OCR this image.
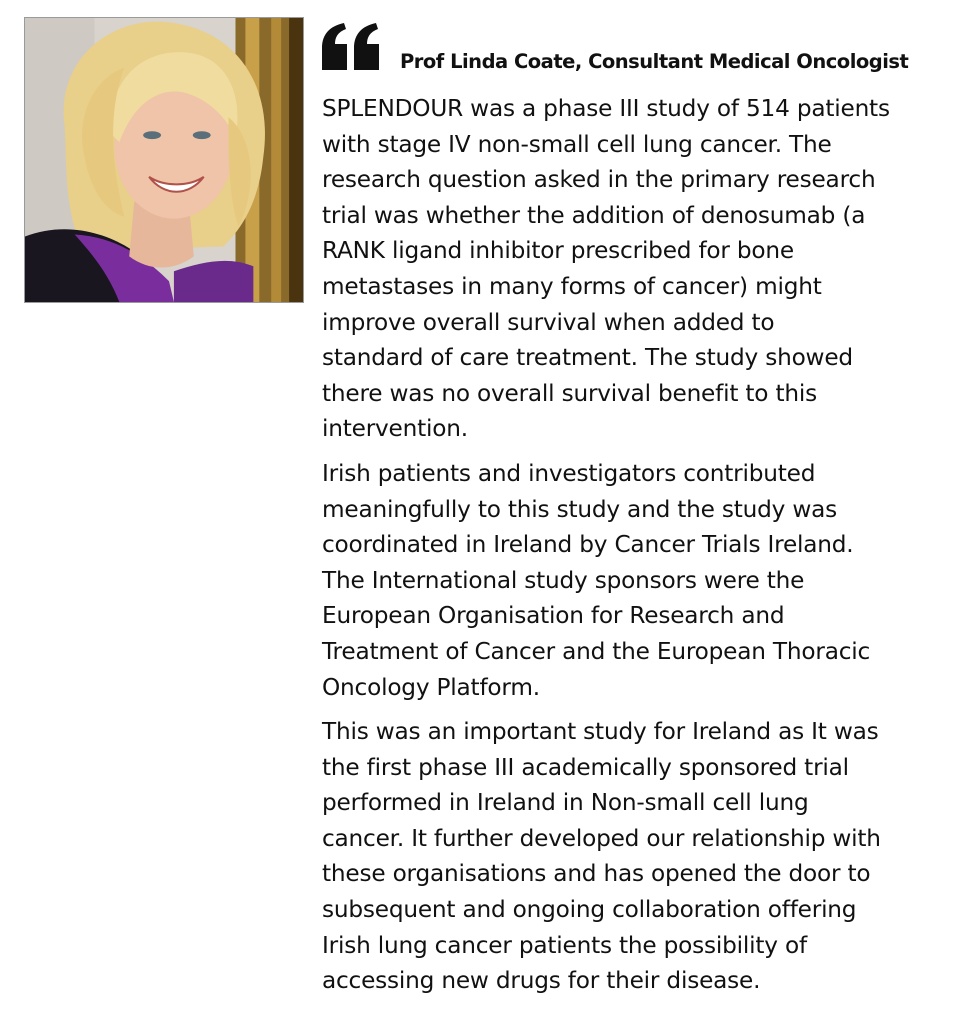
Prof Linda Coate, Consultant Medical Oncologist

SPLENDOUR was a phase III study of 514 patients
with stage IV non-small cell lung cancer. The
research question asked in the primary research
trial was whether the addition of denosumab (a
RANK ligand inhibitor prescribed for bone
metastases in many forms of cancer) might
improve overall survival when added to
standard of care treatment. The study showed
there was no overall survival benefit to this
intervention.

Irish patients and investigators contributed
meaningfully to this study and the study was
coordinated in Ireland by Cancer Trials Ireland.
The International study sponsors were the
European Organisation for Research and
Treatment of Cancer and the European Thoracic
Oncology Platform.

This was an important study for Ireland as It was
the first phase III academically sponsored trial
performed in Ireland in Non-small cell lung
cancer. It further developed our relationship with
these organisations and has opened the door to
subsequent and ongoing collaboration offering
Irish lung cancer patients the possibility of
accessing new drugs for their disease.
